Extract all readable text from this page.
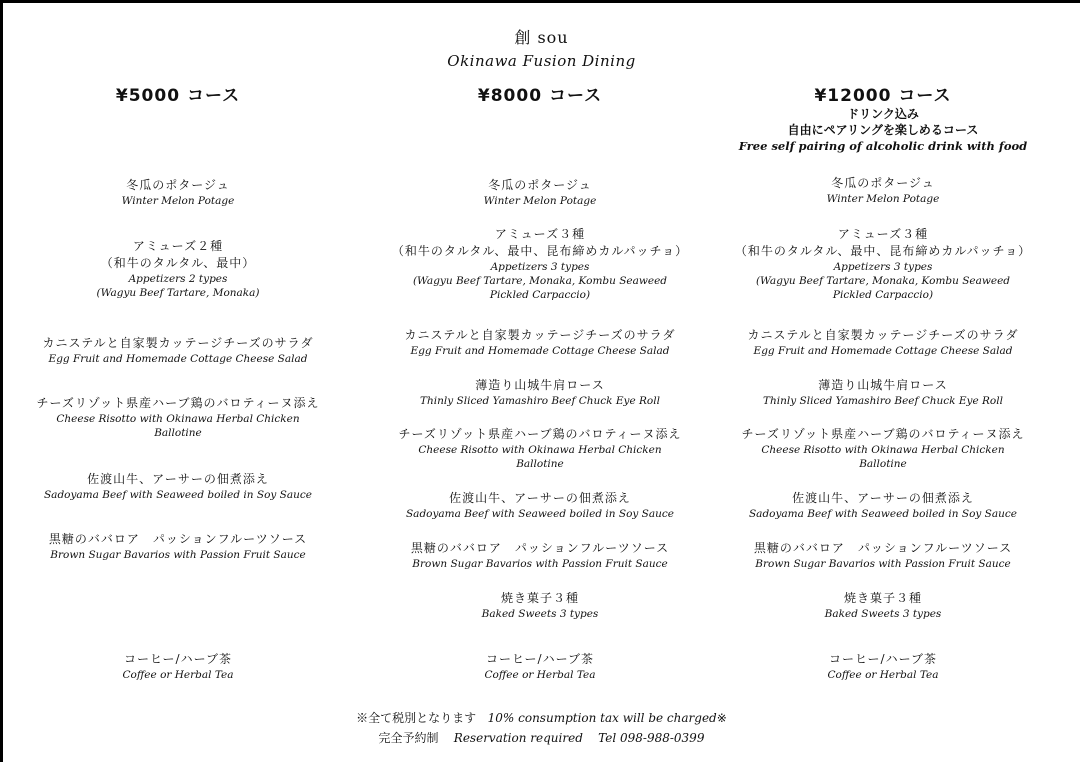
創 sou
Okinawa Fusion Dining
¥5000 コース
冬瓜のポタージュ
Winter Melon Potage
アミューズ２種
（和牛のタルタル、最中）
Appetizers 2 types
(Wagyu Beef Tartare, Monaka)
カニステルと自家製カッテージチーズのサラダ
Egg Fruit and Homemade Cottage Cheese Salad
チーズリゾット県産ハーブ鶏のバロティーヌ添え
Cheese Risotto with Okinawa Herbal Chicken
Ballotine
佐渡山牛、アーサーの佃煮添え
Sadoyama Beef with Seaweed boiled in Soy Sauce
黒糖のババロア　パッションフルーツソース
Brown Sugar Bavarios with Passion Fruit Sauce
コーヒー/ハーブ茶
Coffee or Herbal Tea
¥8000 コース
冬瓜のポタージュ
Winter Melon Potage
アミューズ３種
（和牛のタルタル、最中、昆布締めカルパッチョ）
Appetizers 3 types
(Wagyu Beef Tartare, Monaka, Kombu Seaweed
Pickled Carpaccio)
カニステルと自家製カッテージチーズのサラダ
Egg Fruit and Homemade Cottage Cheese Salad
薄造り山城牛肩ロース
Thinly Sliced Yamashiro Beef Chuck Eye Roll
チーズリゾット県産ハーブ鶏のバロティーヌ添え
Cheese Risotto with Okinawa Herbal Chicken
Ballotine
佐渡山牛、アーサーの佃煮添え
Sadoyama Beef with Seaweed boiled in Soy Sauce
黒糖のババロア　パッションフルーツソース
Brown Sugar Bavarios with Passion Fruit Sauce
焼き菓子３種
Baked Sweets 3 types
コーヒー/ハーブ茶
Coffee or Herbal Tea
¥12000 コース
ドリンク込み
自由にペアリングを楽しめるコース
Free self pairing of alcoholic drink with food
冬瓜のポタージュ
Winter Melon Potage
アミューズ３種
（和牛のタルタル、最中、昆布締めカルパッチョ）
Appetizers 3 types
(Wagyu Beef Tartare, Monaka, Kombu Seaweed
Pickled Carpaccio)
カニステルと自家製カッテージチーズのサラダ
Egg Fruit and Homemade Cottage Cheese Salad
薄造り山城牛肩ロース
Thinly Sliced Yamashiro Beef Chuck Eye Roll
チーズリゾット県産ハーブ鶏のバロティーヌ添え
Cheese Risotto with Okinawa Herbal Chicken
Ballotine
佐渡山牛、アーサーの佃煮添え
Sadoyama Beef with Seaweed boiled in Soy Sauce
黒糖のババロア　パッションフルーツソース
Brown Sugar Bavarios with Passion Fruit Sauce
焼き菓子３種
Baked Sweets 3 types
コーヒー/ハーブ茶
Coffee or Herbal Tea
※全て税別となります 10% consumption tax will be charged※
完全予約制 Reservation required Tel 098-988-0399
